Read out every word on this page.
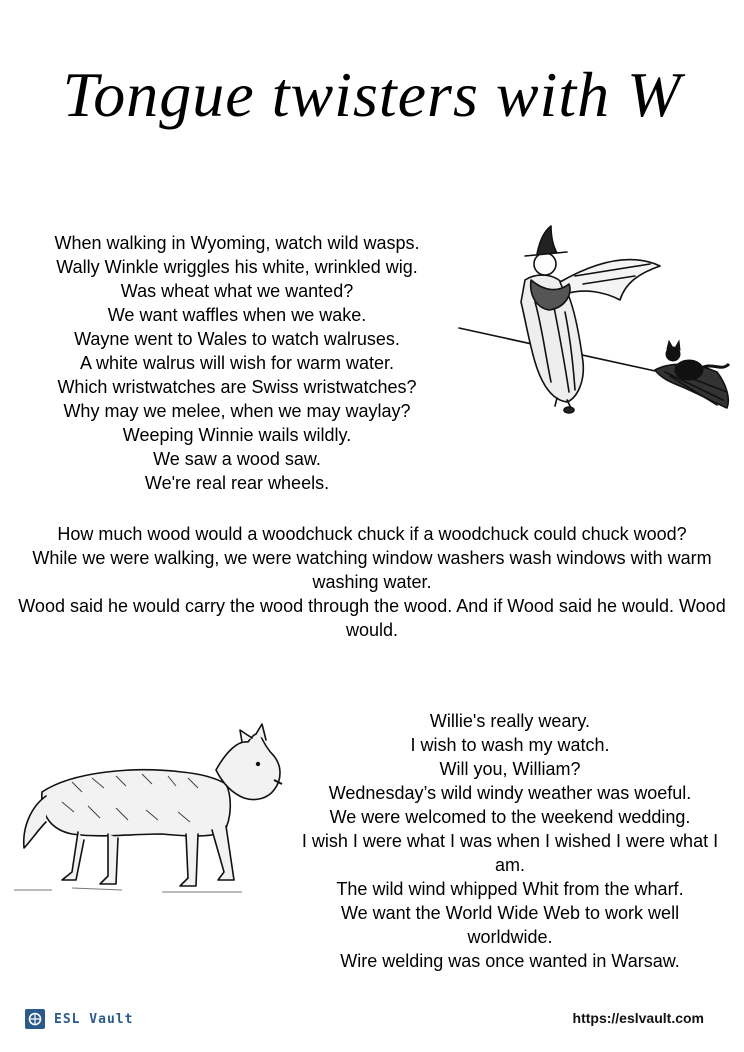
Tongue twisters with W
When walking in Wyoming, watch wild wasps.
Wally Winkle wriggles his white, wrinkled wig.
Was wheat what we wanted?
We want waffles when we wake.
Wayne went to Wales to watch walruses.
A white walrus will wish for warm water.
Which wristwatches are Swiss wristwatches?
Why may we melee, when we may waylay?
Weeping Winnie wails wildly.
We saw a wood saw.
We're real rear wheels.
How much wood would a woodchuck chuck if a woodchuck could chuck wood?
While we were walking, we were watching window washers wash windows with warm washing water.
Wood said he would carry the wood through the wood. And if Wood said he would. Wood would.
Willie's really weary.
I wish to wash my watch.
Will you, William?
Wednesday’s wild windy weather was woeful.
We were welcomed to the weekend wedding.
I wish I were what I was when I wished I were what I am.
The wild wind whipped Whit from the wharf.
We want the World Wide Web to work well worldwide.
Wire welding was once wanted in Warsaw.
ESL Vault	https://eslvault.com
